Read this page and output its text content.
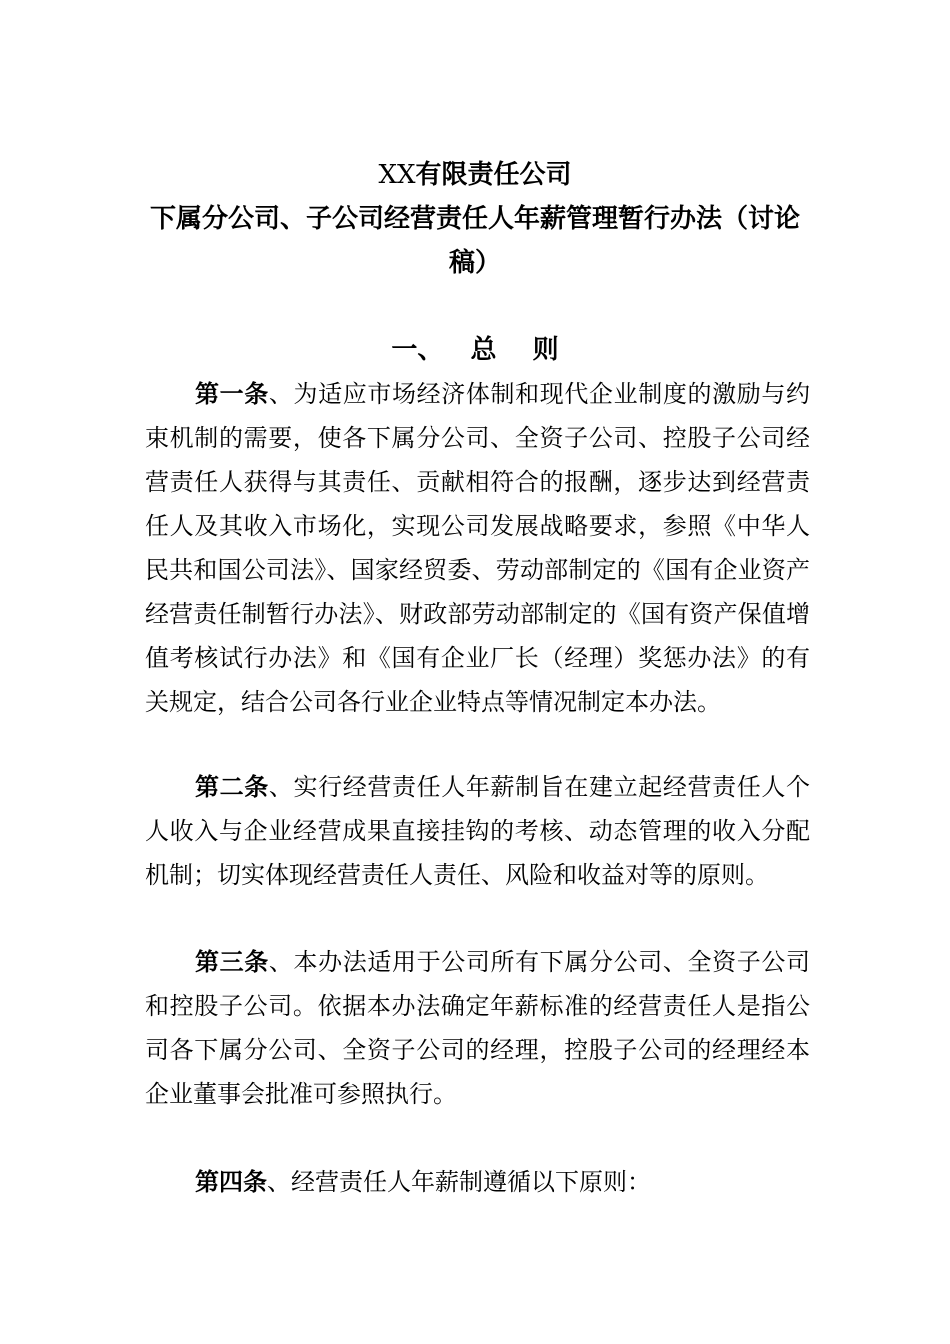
XX有限责任公司
下属分公司、子公司经营责任人年薪管理暂行办法（讨论
稿）
一、   总    则

第一条、为适应市场经济体制和现代企业制度的激励与约束机制的需要，使各下属分公司、全资子公司、控股子公司经营责任人获得与其责任、贡献相符合的报酬，逐步达到经营责任人及其收入市场化，实现公司发展战略要求，参照《中华人民共和国公司法》、国家经贸委、劳动部制定的《国有企业资产经营责任制暂行办法》、财政部劳动部制定的《国有资产保值增值考核试行办法》和《国有企业厂长（经理）奖惩办法》的有关规定，结合公司各行业企业特点等情况制定本办法。

第二条、实行经营责任人年薪制旨在建立起经营责任人个人收入与企业经营成果直接挂钩的考核、动态管理的收入分配机制；切实体现经营责任人责任、风险和收益对等的原则。

第三条、本办法适用于公司所有下属分公司、全资子公司和控股子公司。依据本办法确定年薪标准的经营责任人是指公司各下属分公司、全资子公司的经理，控股子公司的经理经本企业董事会批准可参照执行。

第四条、经营责任人年薪制遵循以下原则：
